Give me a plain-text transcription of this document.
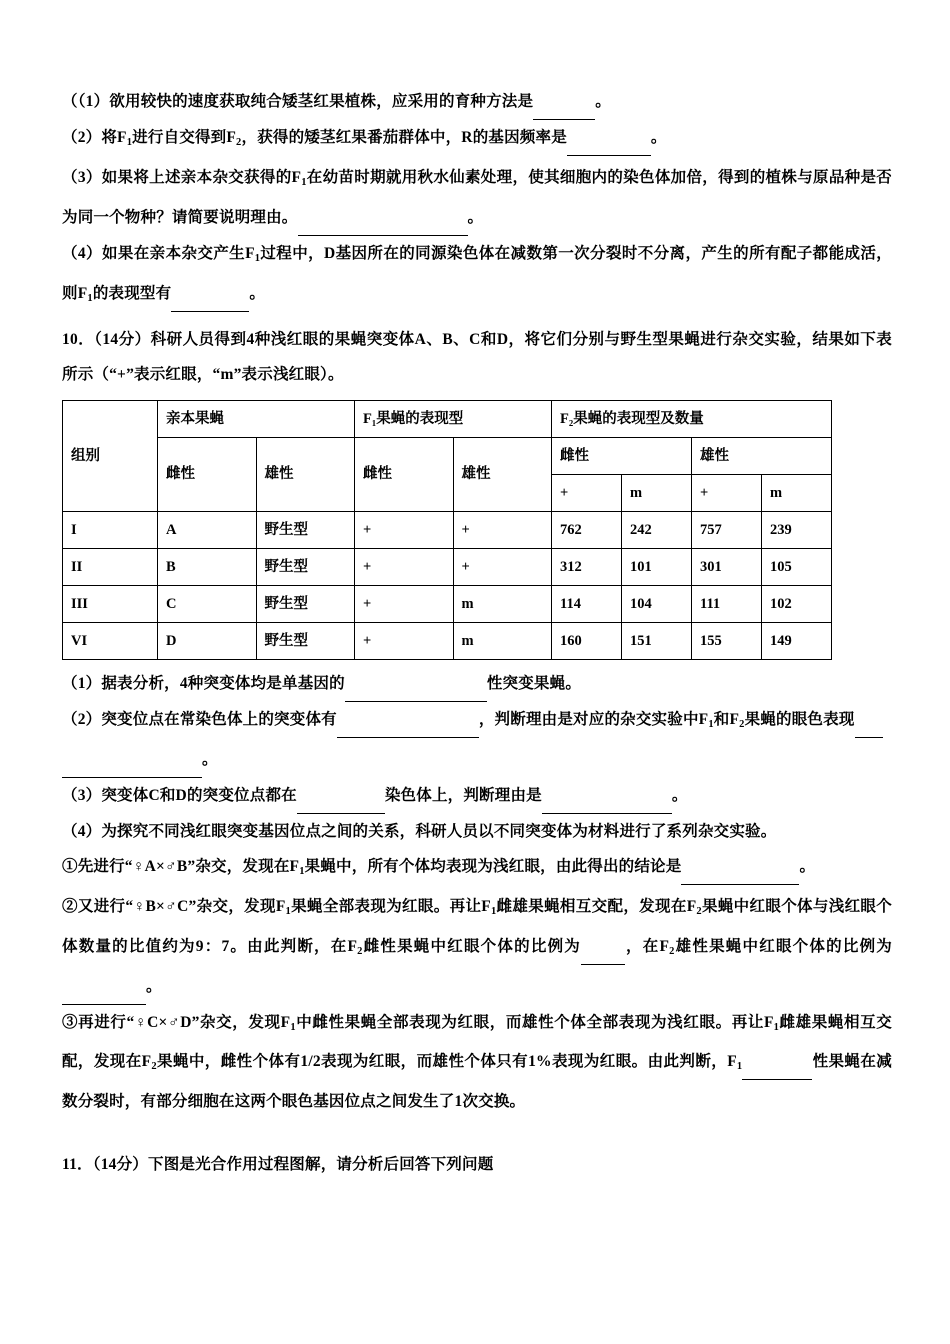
（（1）欲用较快的速度获取纯合矮茎红果植株，应采用的育种方法是	。

（2）将$F_1$进行自交得到$F_2$，获得的矮茎红果番茄群体中，R的基因频率是	。

（3）如果将上述亲本杂交获得的$F_1$在幼苗时期就用秋水仙素处理，使其细胞内的染色体加倍，得到的植株与原品种是否为同一个物种？请简要说明理由。	。

（4）如果在亲本杂交产生$F_1$过程中，D基因所在的同源染色体在减数第一次分裂时不分离，产生的所有配子都能成活，则$F_1$的表现型有	。

10．（14分）科研人员得到4种浅红眼的果蝇突变体A、B、C和D，将它们分别与野生型果蝇进行杂交实验，结果如下表所示（“+”表示红眼，“m”表示浅红眼）。

组别	亲本果蝇		F₁果蝇的表现型		F₂果蝇的表现型及数量			
	雌性	雄性	雌性	雄性	雌性		雄性	
					+	m	+	m
I	A	野生型	+	+	762	242	757	239
II	B	野生型	+	+	312	101	301	105
III	C	野生型	+	m	114	104	111	102
VI	D	野生型	+	m	160	151	155	149

（1）据表分析，4种突变体均是单基因的	性突变果蝇。

（2）突变位点在常染色体上的突变体有	，判断理由是对应的杂交实验中$F_1$和$F_2$果蝇的眼色表现

。

（3）突变体C和D的突变位点都在	染色体上，判断理由是	。

（4）为探究不同浅红眼突变基因位点之间的关系，科研人员以不同突变体为材料进行了系列杂交实验。

①先进行“♀A×♂B”杂交，发现在$F_1$果蝇中，所有个体均表现为浅红眼，由此得出的结论是	。

②又进行“♀B×♂C”杂交，发现$F_1$果蝇全部表现为红眼。再让$F_1$雌雄果蝇相互交配，发现在$F_2$果蝇中红眼个体与浅红眼个体数量的比值约为9：7。由此判断，在$F_2$雌性果蝇中红眼个体的比例为	，在$F_2$雄性果蝇中红眼个体的比例为 。

③再进行“♀C×♂D”杂交，发现$F_1$中雌性果蝇全部表现为红眼，而雄性个体全部表现为浅红眼。再让$F_1$雌雄果蝇相互交配，发现在$F_2$果蝇中，雌性个体有1/2表现为红眼，而雄性个体只有1%表现为红眼。由此判断，$F_1$	性果蝇在减数分裂时，有部分细胞在这两个眼色基因位点之间发生了1次交换。

11．（14分）下图是光合作用过程图解，请分析后回答下列问题
